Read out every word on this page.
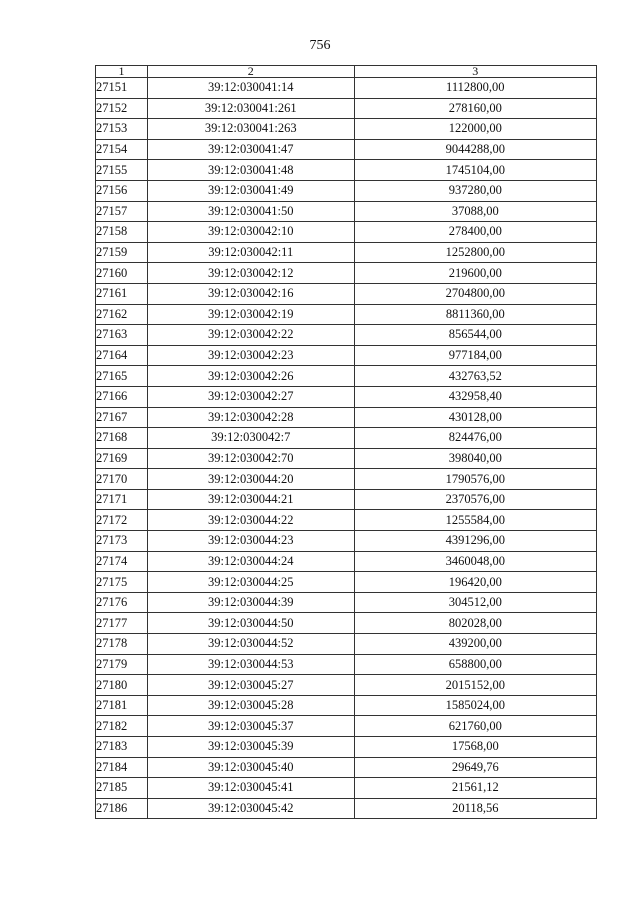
756
1	2	3
27151	39:12:030041:14	1112800,00
27152	39:12:030041:261	278160,00
27153	39:12:030041:263	122000,00
27154	39:12:030041:47	9044288,00
27155	39:12:030041:48	1745104,00
27156	39:12:030041:49	937280,00
27157	39:12:030041:50	37088,00
27158	39:12:030042:10	278400,00
27159	39:12:030042:11	1252800,00
27160	39:12:030042:12	219600,00
27161	39:12:030042:16	2704800,00
27162	39:12:030042:19	8811360,00
27163	39:12:030042:22	856544,00
27164	39:12:030042:23	977184,00
27165	39:12:030042:26	432763,52
27166	39:12:030042:27	432958,40
27167	39:12:030042:28	430128,00
27168	39:12:030042:7	824476,00
27169	39:12:030042:70	398040,00
27170	39:12:030044:20	1790576,00
27171	39:12:030044:21	2370576,00
27172	39:12:030044:22	1255584,00
27173	39:12:030044:23	4391296,00
27174	39:12:030044:24	3460048,00
27175	39:12:030044:25	196420,00
27176	39:12:030044:39	304512,00
27177	39:12:030044:50	802028,00
27178	39:12:030044:52	439200,00
27179	39:12:030044:53	658800,00
27180	39:12:030045:27	2015152,00
27181	39:12:030045:28	1585024,00
27182	39:12:030045:37	621760,00
27183	39:12:030045:39	17568,00
27184	39:12:030045:40	29649,76
27185	39:12:030045:41	21561,12
27186	39:12:030045:42	20118,56
